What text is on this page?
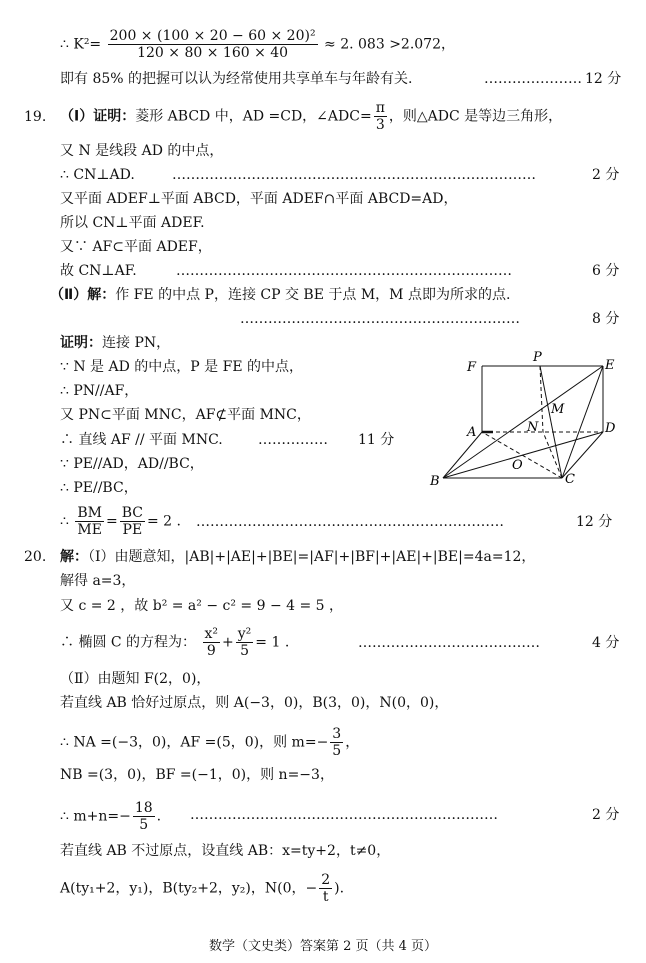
∴ $K^2= \frac{\text{200 × (100 × 20 − 60 × 20)²}}{120 \times 80 \times 160 \times 40} \approx 2$. 083 >2.072，
即有 85% 的把握可以认为经常使用共享单车与年龄有关.	………………… 12 分
19. （Ⅰ）证明：菱形 ABCD 中，AD =CD，∠ADC= $\frac{\pi}{3}$ ，则△ADC 是等边三角形，
又 N 是线段 AD 的中点，
∴ CN⊥AD.	……………………………………………………………………	2 分
又平面 ADEF⊥平面 ABCD，平面 ADEF∩平面 ABCD=AD，
所以 CN⊥平面 ADEF.
又∵ AF⊂平面 ADEF，
故 CN⊥AF.	………………………………………………………………	6 分
（Ⅱ）解：作 FE 的中点 P，连接 CP 交 BE 于点 M，M 点即为所求的点.
……………………………………………………	8 分
证明：连接 PN，
∵ N 是 AD 的中点，P 是 FE 的中点，
∴ PN//AF，
又 PN⊂平面 MNC，AF⊄平面 MNC，
∴ 直线 AF // 平面 MNC.	…………… 11 分
∵ PE//AD，AD//BC，
∴ PE//BC，
∴ $\frac{BM}{ME} = \frac{BC}{PE} = 2$ . …………………………………………………………	12 分
F
P
E
M
A	N	D
O
B	C
20. 解：（Ⅰ）由题意知，|AB|+|AE|+|BE|=|AF|+|BF|+|AE|+|BE|=4a=12，
解得 a=3，
又 c = 2 ，故 b² = a² − c² = 9 − 4 = 5 ，
∴ 椭圆 C 的方程为： $\frac{\text{x²}}{9} + \frac{\text{y²}}{5} = 1$ .	…………………………………	4 分
（Ⅱ）由题知 F(2，0)，
若直线 AB 恰好过原点，则 A(−3，0)，B(3，0)，N(0，0)，
∴ NA =(−3，0)，AF =(5，0)，则 $m=- \frac{3}{5}$ ，
NB =(3，0)，BF =(−1，0)，则 n=−3，
∴ $m+n=- \frac{18}{5}$ . …………………………………………………………	2 分
若直线 AB 不过原点，设直线 AB：x=ty+2，t≠0，
A(ty₁+2，y₁)，B(ty₂+2，y₂)，N(0，− $\frac{2}{t}$ ).
数学（文史类）答案第 2 页（共 4 页）
